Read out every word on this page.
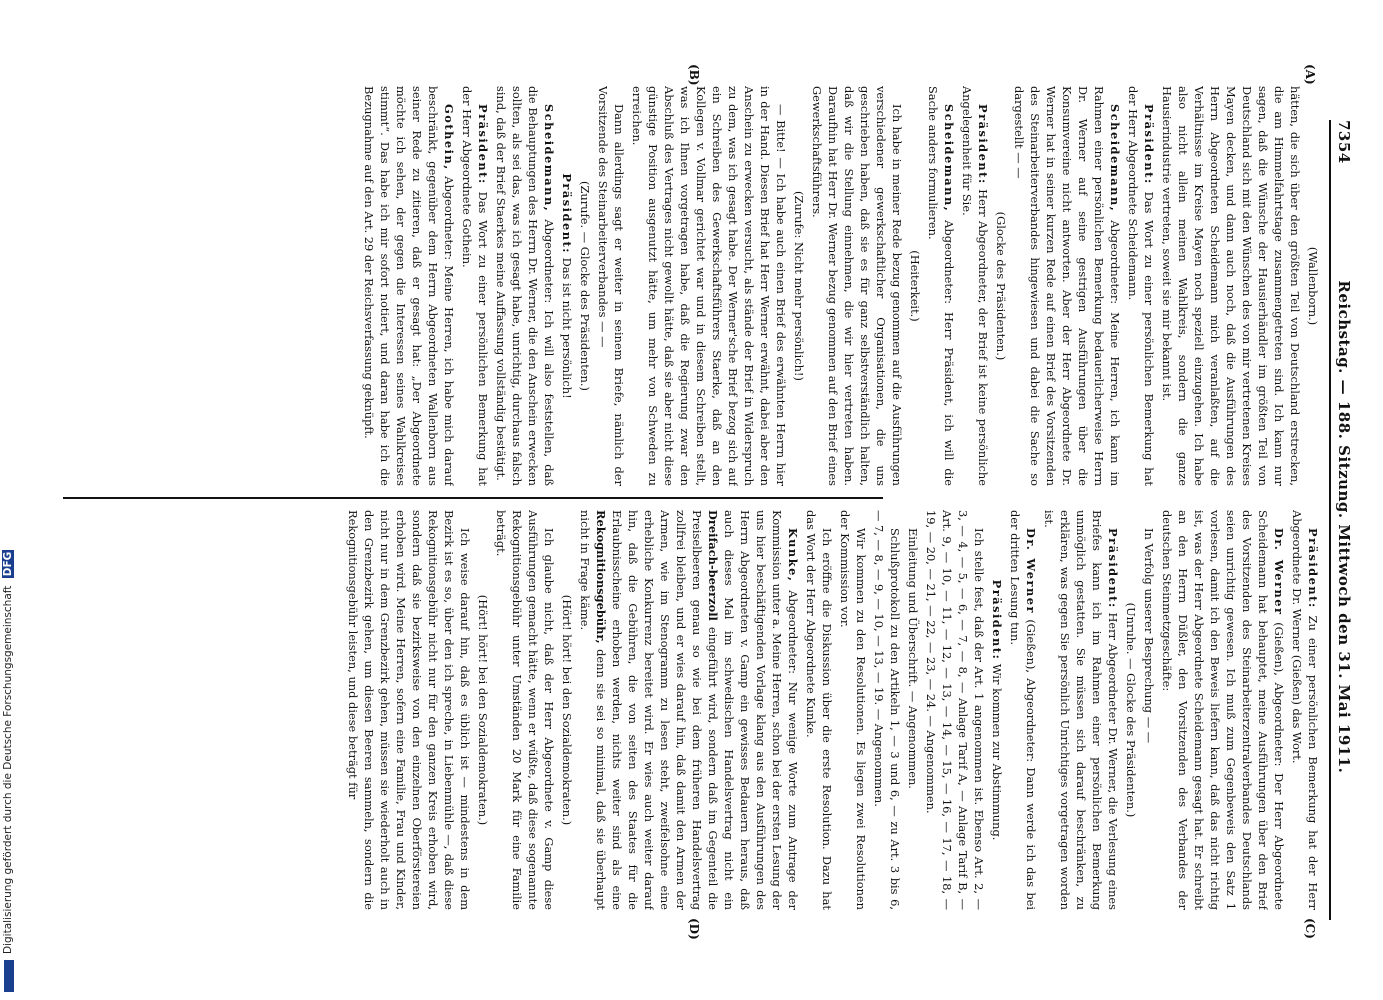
7354
Reichstag. — 188. Sitzung. Mittwoch den 31. Mai 1911.
(A)
(B)
(C)
(D)

(Wallenborn.)

hätten, die sich über den größten Teil von Deutschland erstrecken, die am Himmelfahrtstage zusammengetreten sind. Ich kann nur sagen, daß die Wünsche der Hausierhändler im größten Teil von Deutschland sich mit den Wünschen des von mir vertretenen Kreises Mayen decken, und dann auch noch, daß die Ausführungen des Herrn Abgeordneten Scheidemann mich veranlaßten, auf die Verhältnisse im Kreise Mayen noch speziell einzugehen. Ich habe also nicht allein meinen Wahlkreis, sondern die ganze Hausierindustrie vertreten, soweit sie mir bekannt ist.

Präsident: Das Wort zu einer persönlichen Bemerkung hat der Herr Abgeordnete Scheidemann.

Scheidemann, Abgeordneter: Meine Herren, ich kann im Rahmen einer persönlichen Bemerkung bedauerlicherweise Herrn Dr. Werner auf seine gestrigen Ausführungen über die Konsumvereine nicht antworten. Aber der Herr Abgeordnete Dr. Werner hat in seiner kurzen Rede auf einen Brief des Vorsitzenden des Steinarbeiterverbandes hingewiesen und dabei die Sache so dargestellt — —

(Glocke des Präsidenten.)

Präsident: Herr Abgeordneter, der Brief ist keine persönliche Angelegenheit für Sie.

Scheidemann, Abgeordneter: Herr Präsident, ich will die Sache anders formulieren.

(Heiterkeit.)

Ich habe in meiner Rede bezug genommen auf die Ausführungen verschiedener gewerkschaftlicher Organisationen, die uns geschrieben haben, daß sie es für ganz selbstverständlich halten, daß wir die Stellung einnehmen, die wir hier vertreten haben. Daraufhin hat Herr Dr. Werner bezug genommen auf den Brief eines Gewerkschaftsführers.

(Zurufe: Nicht mehr persönlich!)

— Bitte! — Ich habe auch einen Brief des erwähnten Herrn hier in der Hand. Diesen Brief hat Herr Werner erwähnt, dabei aber den Anschein zu erwecken versucht, als stände der Brief in Widerspruch zu dem, was ich gesagt habe. Der Werner'sche Brief bezog sich auf ein Schreiben des Gewerkschaftsführers Staerke, daß an den Kollegen v. Vollmar gerichtet war und in diesem Schreiben stellt, was ich Ihnen vorgetragen habe, daß die Regierung zwar den Abschluß des Vertrages nicht gewollt hätte, daß sie aber nicht diese günstige Position ausgenutzt hätte, um mehr von Schweden zu erreichen.

Dann allerdings sagt er weiter in seinem Briefe, nämlich der Vorsitzende des Steinarbeiterverbandes — —

(Zurufe. — Glocke des Präsidenten.)

Präsident: Das ist nicht persönlich!

Scheidemann, Abgeordneter: Ich will also feststellen, daß die Behauptungen des Herrn Dr. Werner, die den Anschein erwecken sollten, als sei das, was ich gesagt habe, unrichtig, durchaus falsch sind, daß der Brief Staerkes meine Auffassung vollständig bestätigt.

Präsident: Das Wort zu einer persönlichen Bemerkung hat der Herr Abgeordnete Gothein.

Gothein, Abgeordneter: Meine Herren, ich habe mich darauf beschränkt, gegenüber dem Herrn Abgeordneten Wallenborn aus seiner Rede zu zitieren, daß er gesagt hat: „Der Abgeordnete möchte ich sehen, der gegen die Interessen seines Wahlkreises stimmt“. Das habe ich mir sofort notiert, und daran habe ich die Bezugnahme auf den Art. 29 der Reichsverfassung geknüpft.

Präsident: Zu einer persönlichen Bemerkung hat der Herr Abgeordnete Dr. Werner (Gießen) das Wort.

Dr. Werner (Gießen), Abgeordneter: Der Herr Abgeordnete Scheidemann hat behauptet, meine Ausführungen über den Brief des Vorsitzenden des Steinarbeiterzentralverbandes Deutschlands seien unrichtig gewesen. Ich muß zum Gegenbeweis den Satz 1 vorlesen, damit ich den Beweis liefern kann, daß das nicht richtig ist, was der Herr Abgeordnete Scheidemann gesagt hat. Er schreibt an den Herrn Düßler, den Vorsitzenden des Verbandes der deutschen Steinmetzgeschäfte:

In Verfolg unserer Besprechung — —

(Unruhe. — Glocke des Präsidenten.)

Präsident: Herr Abgeordneter Dr. Werner, die Verlesung eines Briefes kann ich im Rahmen einer persönlichen Bemerkung unmöglich gestatten. Sie müssen sich darauf beschränken, zu erklären, was gegen Sie persönlich Unrichtiges vorgetragen worden ist.

Dr. Werner (Gießen), Abgeordneter: Dann werde ich das bei der dritten Lesung tun.

Präsident: Wir kommen zur Abstimmung.

Ich stelle fest, daß der Art. 1 angenommen ist. Ebenso Art. 2, — 3, — 4, — 5, — 6, — 7, — 8, — Anlage Tarif A, — Anlage Tarif B, — Art. 9, — 10, — 11, — 12, — 13, — 14, — 15, — 16, — 17, — 18, — 19, — 20, — 21, — 22, — 23, — 24. — Angenommen.

Einleitung und Überschrift. — Angenommen.

Schlußprotokoll zu den Artikeln 1, — 3 und 6, — zu Art. 3 bis 6, — 7, — 8, — 9, — 10, — 13, — 19. — Angenommen.

Wir kommen zu den Resolutionen. Es liegen zwei Resolutionen der Kommission vor.

Ich eröffne die Diskussion über die erste Resolution. Dazu hat das Wort der Herr Abgeordnete Kunke.

Kunke, Abgeordneter: Nur wenige Worte zum Antrage der Kommission unter a. Meine Herren, schon bei der ersten Lesung der uns hier beschäftigenden Vorlage klang aus den Ausführungen des Herrn Abgeordneten v. Gamp ein gewisses Bedauern heraus, daß auch dieses Mal im schwedischen Handelsvertrag nicht ein Dreifach-beerzoll eingeführt wird, sondern daß im Gegenteil die Preiselbeeren genau so wie bei dem früheren Handelsvertrag zollfrei bleiben, und er wies darauf hin, daß damit den Armen der Armen, wie im Stenogramm zu lesen steht, zweifelsohne eine erhebliche Konkurrenz bereitet wird. Er wies auch weiter darauf hin, daß die Gebühren, die von seiten des Staates für die Erlaubnisscheine erhoben werden, nichts weiter sind als eine Rekognitionsgebühr, denn sie sei so minimal, daß sie überhaupt nicht in Frage käme.

(Hört! hört! bei den Sozialdemokraten.)

Ich glaube nicht, daß der Herr Abgeordnete v. Gamp diese Ausführungen gemacht hätte, wenn er wüßte, daß diese sogenannte Rekognitionsgebühr unter Umständen 20 Mark für eine Familie beträgt.

(Hört! hört! bei den Sozialdemokraten.)

Ich weise darauf hin, daß es üblich ist — mindestens in dem Bezirk ist es so, über den ich spreche, in Liebenmühle —, daß diese Rekognitionsgebühr nicht nur für den ganzen Kreis erhoben wird, sondern daß sie bezirksweise von den einzelnen Oberförstereien erhoben wird. Meine Herren, sofern eine Familie, Frau und Kinder, nicht nur in dem Grenzbezirk gehen, müssen sie wiederholt auch in den Grenzbezirk gehen, um diesen Beeren sammeln, sondern die Rekognitionsgebühr leisten, und diese beträgt für

Digitalisierung gefördert durch die Deutsche Forschungsgemeinschaft DFG
